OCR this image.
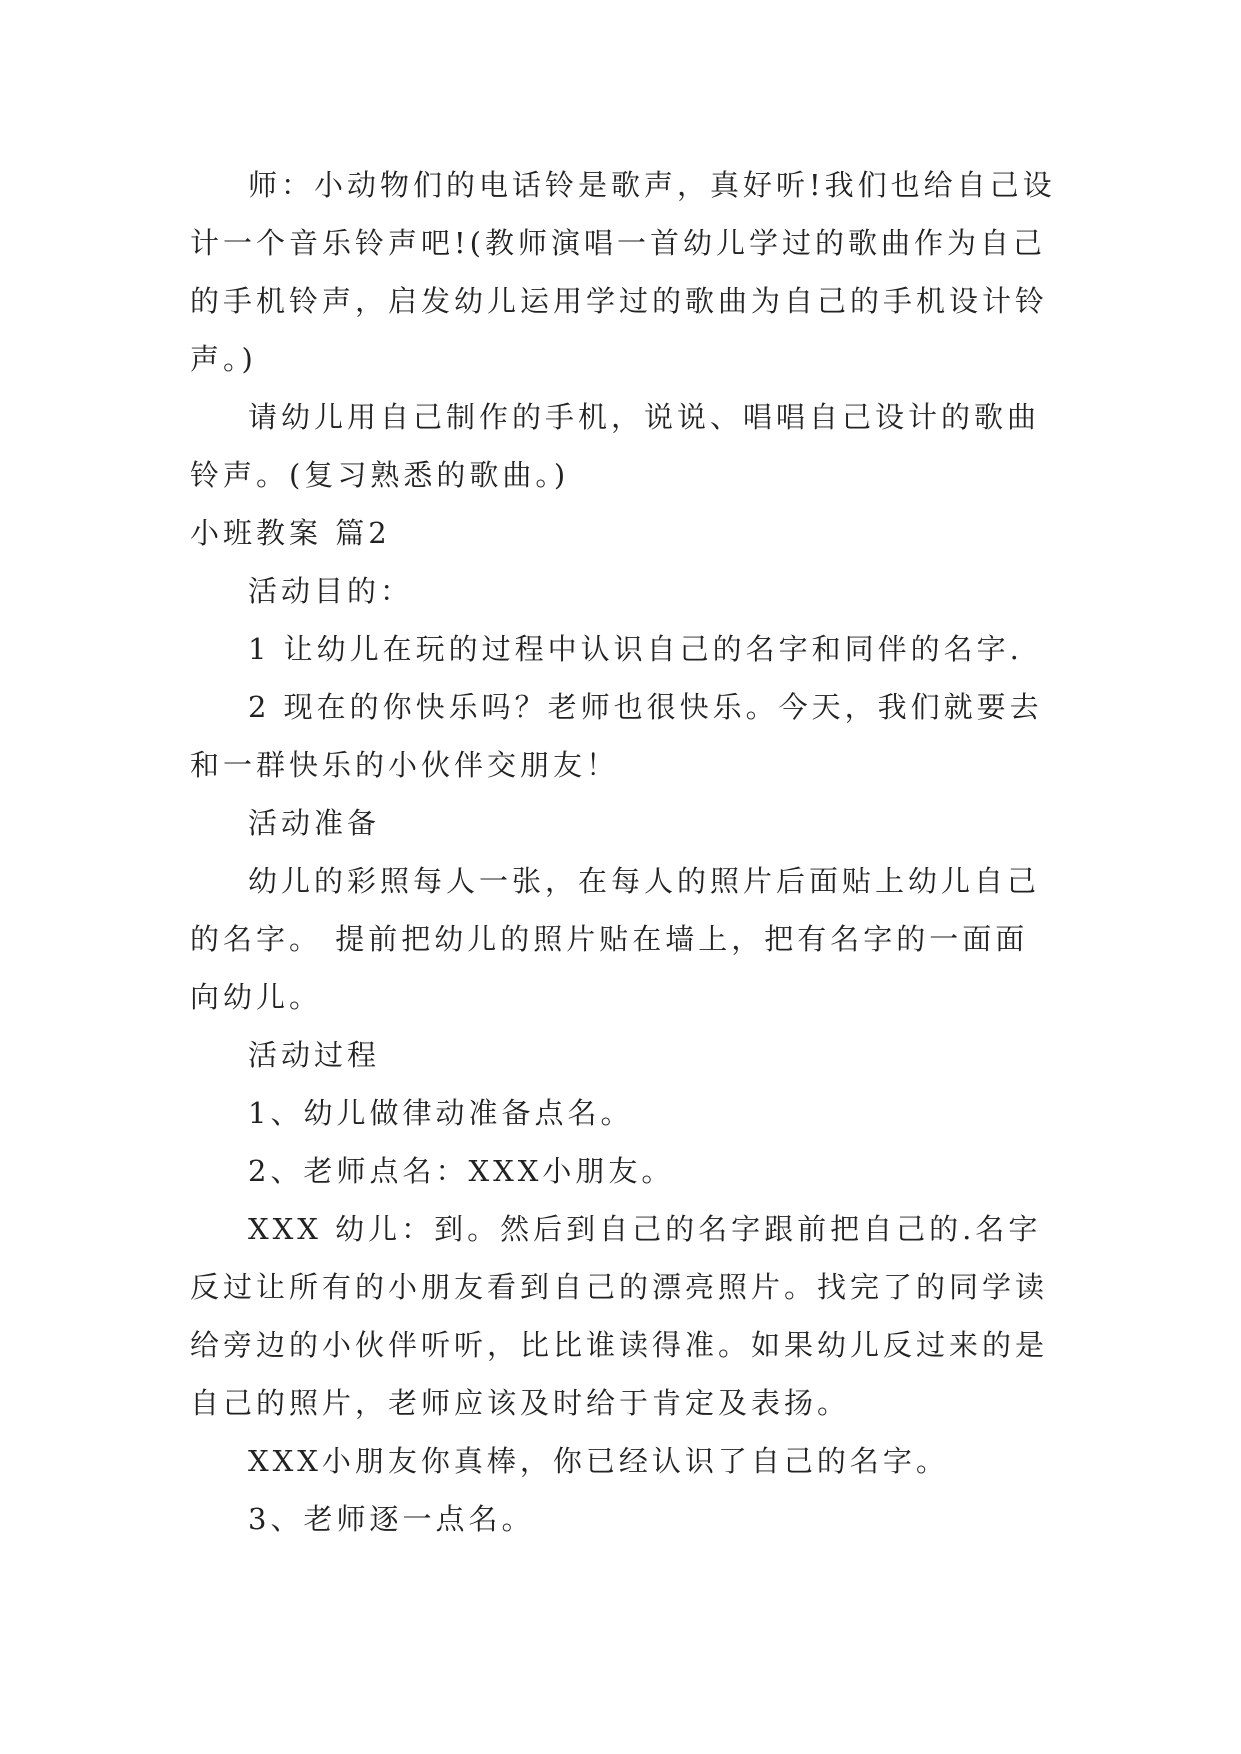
师：小动物们的电话铃是歌声，真好听!我们也给自己设计一个音乐铃声吧!(教师演唱一首幼儿学过的歌曲作为自己的手机铃声，启发幼儿运用学过的歌曲为自己的手机设计铃声。)

请幼儿用自己制作的手机，说说、唱唱自己设计的歌曲铃声。(复习熟悉的歌曲。)

小班教案 篇2

活动目的：

1 让幼儿在玩的过程中认识自己的名字和同伴的名字.

2 现在的你快乐吗？老师也很快乐。今天，我们就要去和一群快乐的小伙伴交朋友！

活动准备

幼儿的彩照每人一张，在每人的照片后面贴上幼儿自己的名字。 提前把幼儿的照片贴在墙上，把有名字的一面面向幼儿。

活动过程

1、幼儿做律动准备点名。

2、老师点名：XXX小朋友。

XXX 幼儿：到。然后到自己的名字跟前把自己的.名字反过让所有的小朋友看到自己的漂亮照片。找完了的同学读给旁边的小伙伴听听，比比谁读得准。如果幼儿反过来的是自己的照片，老师应该及时给于肯定及表扬。

XXX小朋友你真棒，你已经认识了自己的名字。

3、老师逐一点名。
